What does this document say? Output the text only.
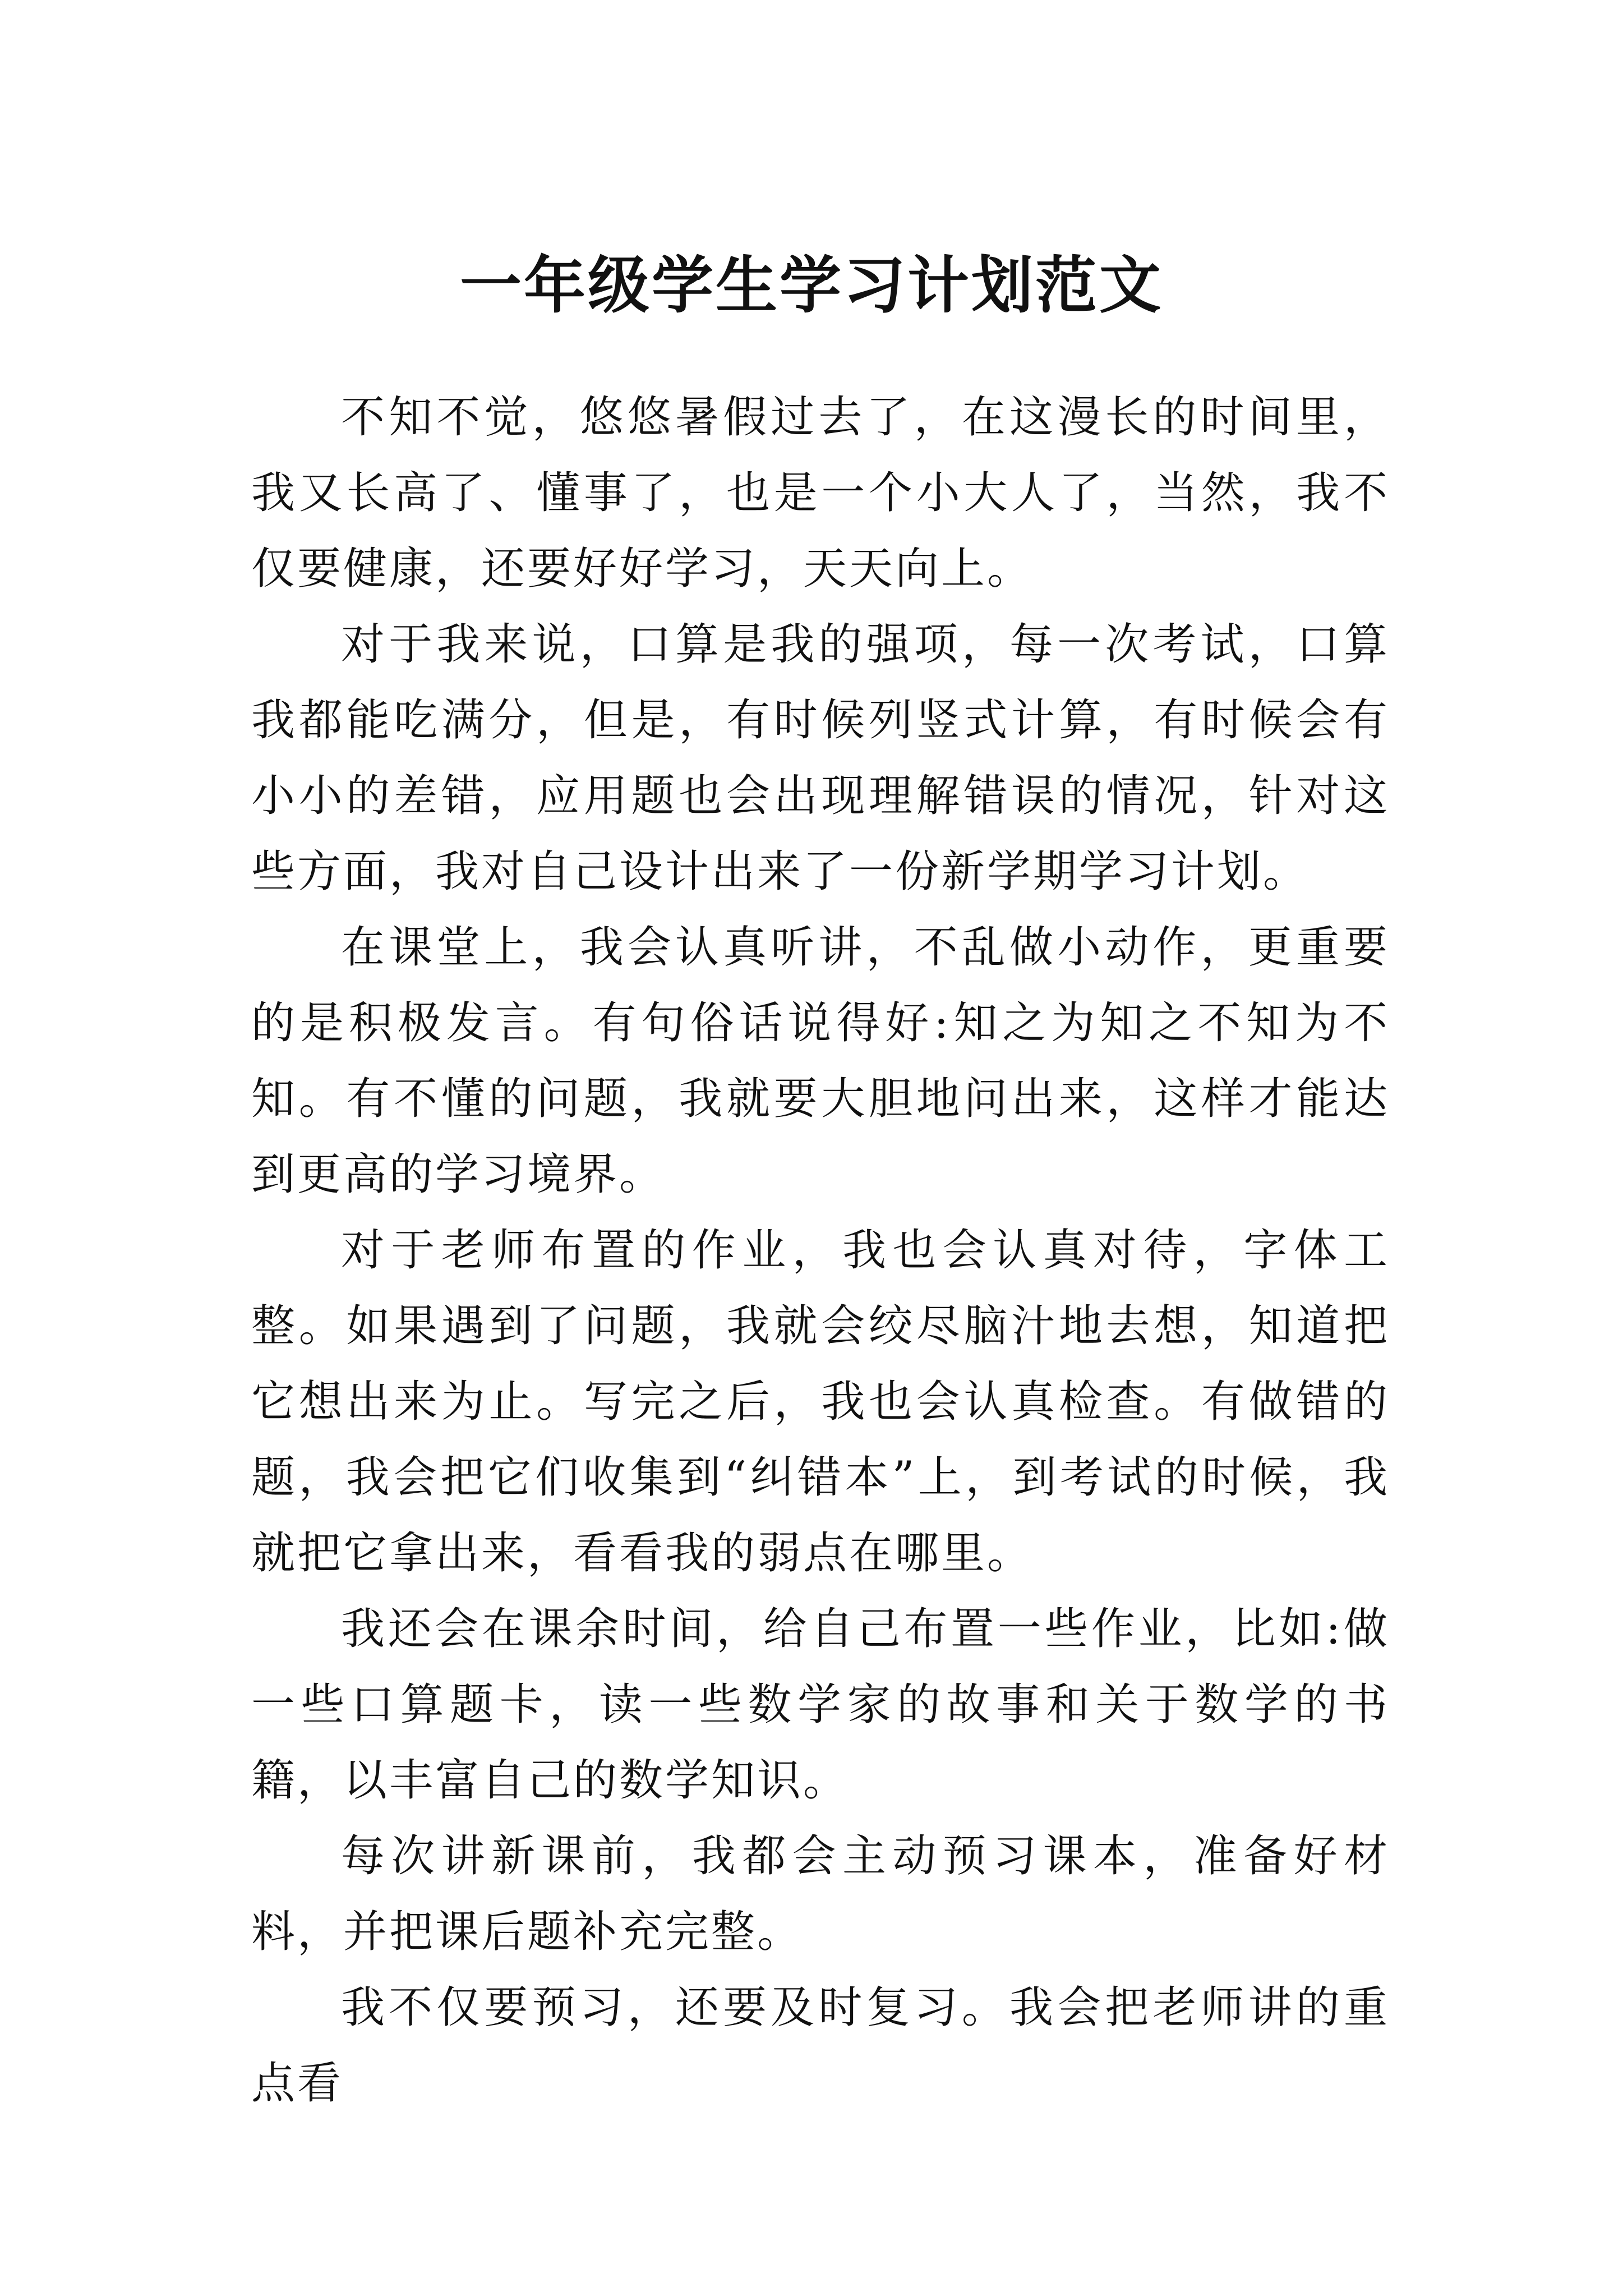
一年级学生学习计划范文

不知不觉，悠悠暑假过去了，在这漫长的时间里，我又长高了、懂事了，也是一个小大人了，当然，我不仅要健康，还要好好学习，天天向上。

对于我来说，口算是我的强项，每一次考试，口算我都能吃满分，但是，有时候列竖式计算，有时候会有小小的差错，应用题也会出现理解错误的情况，针对这些方面，我对自己设计出来了一份新学期学习计划。

在课堂上，我会认真听讲，不乱做小动作，更重要的是积极发言。有句俗话说得好:知之为知之不知为不知。有不懂的问题，我就要大胆地问出来，这样才能达到更高的学习境界。

对于老师布置的作业，我也会认真对待，字体工整。如果遇到了问题，我就会绞尽脑汁地去想，知道把它想出来为止。写完之后，我也会认真检查。有做错的题，我会把它们收集到“纠错本”上，到考试的时候，我就把它拿出来，看看我的弱点在哪里。

我还会在课余时间，给自己布置一些作业，比如:做一些口算题卡，读一些数学家的故事和关于数学的书籍，以丰富自己的数学知识。

每次讲新课前，我都会主动预习课本，准备好材料，并把课后题补充完整。

我不仅要预习，还要及时复习。我会把老师讲的重点看
